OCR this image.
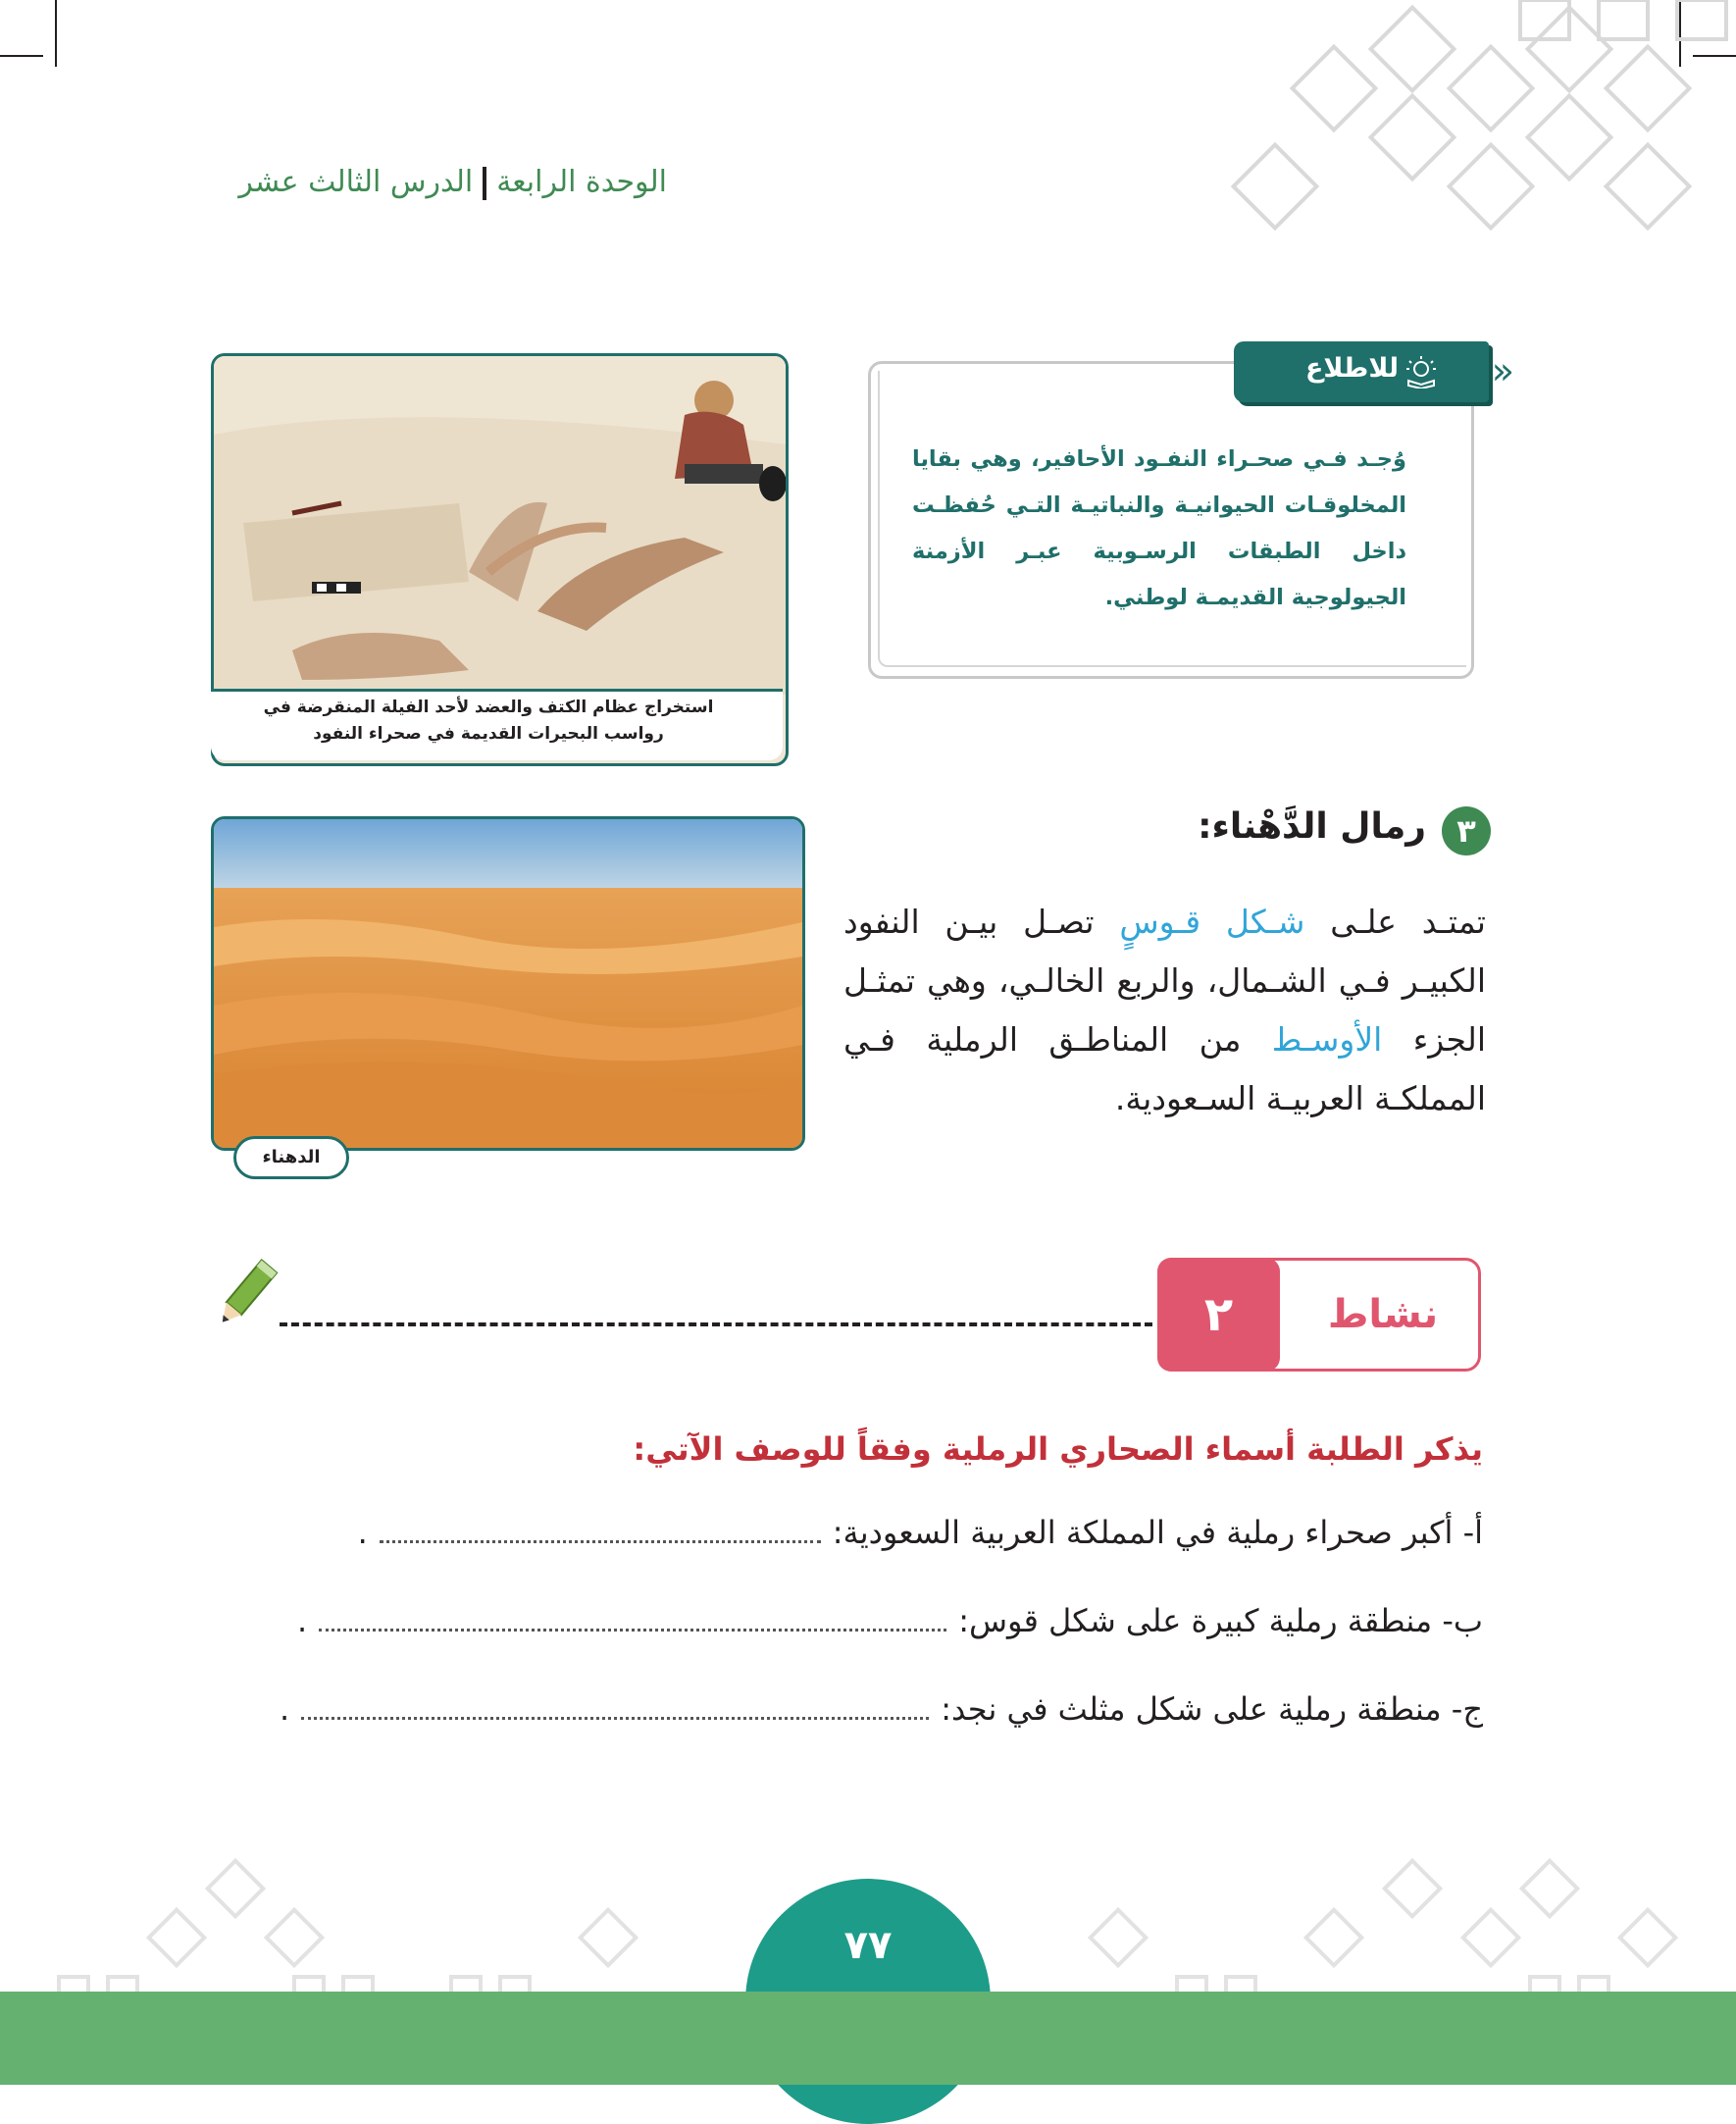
الوحدة الرابعةالدرس الثالث عشر
«
للاطلاع
وُجـد فـي صحـراء النفـود الأحافير، وهي بقايا المخلوقـات الحيوانيـة والنباتيـة التـي حُفظـت داخل الطبقات الرسـوبية عبـر الأزمنة الجيولوجية القديمـة لوطني.
استخراج عظام الكتف والعضد لأحد الفيلة المنقرضة في
رواسب البحيرات القديمة في صحراء النفود
الدهناء
٣
رمال الدَّهْناء:
تمتـد علـى شـكل قـوسٍ تصـل بيـن النفود الكبيـر فـي الشـمال، والربع الخالـي، وهي تمثـل الجزء الأوسـط من المناطـق الرملية فـي المملكـة العربيـة السـعودية.
٢	نشاط
يذكر الطلبة أسماء الصحاري الرملية وفقاً للوصف الآتي:
أ- أكبر صحراء رملية في المملكة العربية السعودية:.
ب- منطقة رملية كبيرة على شكل قوس:.
ج- منطقة رملية على شكل مثلث في نجد:.
٧٧
